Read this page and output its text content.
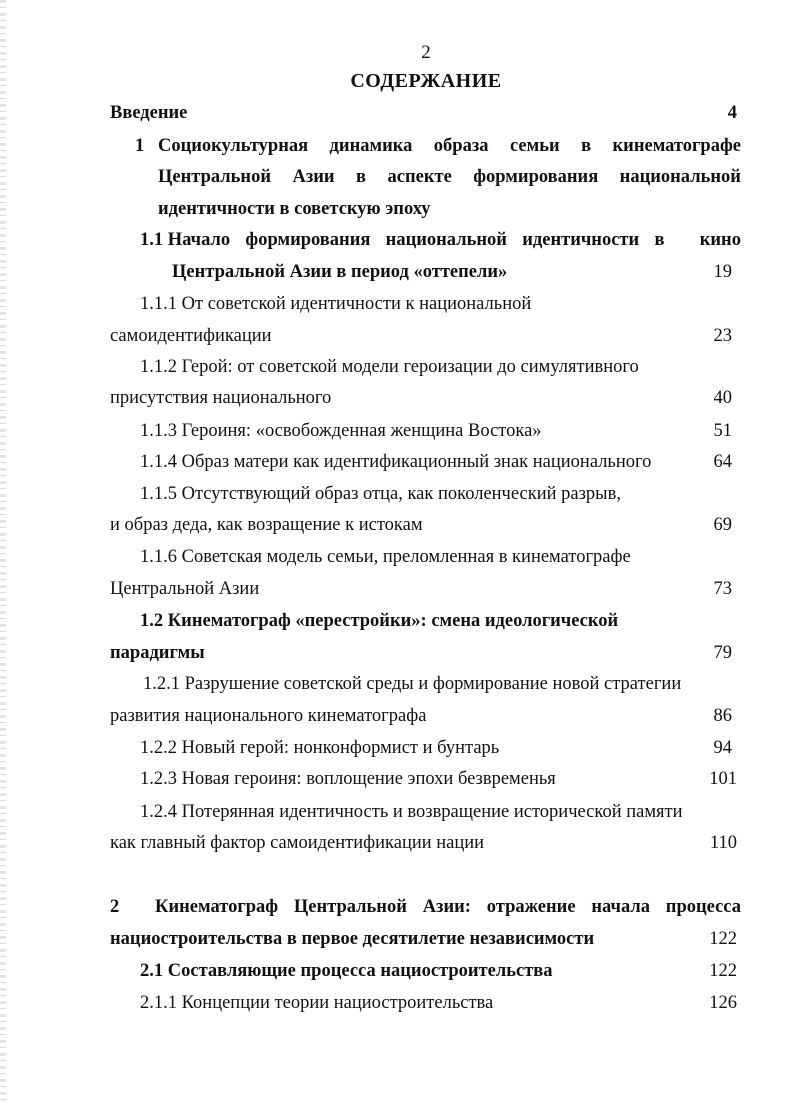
2
СОДЕРЖАНИЕ
Введение	4
1 Социокультурная динамика образа семьи в кинематографе
Центральной Азии в аспекте формирования национальной
идентичности в советскую эпоху
1.1 Начало формирования национальной идентичности в	кино
Центральной Азии в период «оттепели»	19
1.1.1 От советской идентичности к национальной
самоидентификации	23
1.1.2 Герой: от советской модели героизации до симулятивного
присутствия национального	40
1.1.3 Героиня: «освобожденная женщина Востока»	51
1.1.4 Образ матери как идентификационный знак национального	64
1.1.5 Отсутствующий образ отца, как поколенческий разрыв,
и образ деда, как возращение к истокам	69
1.1.6 Советская модель семьи, преломленная в кинематографе
Центральной Азии	73
1.2 Кинематограф «перестройки»: смена идеологической
парадигмы	79
1.2.1 Разрушение советской среды и формирование новой стратегии
развития национального кинематографа	86
1.2.2 Новый герой: нонконформист и бунтарь	94
1.2.3 Новая героиня: воплощение эпохи безвременья	101
1.2.4 Потерянная идентичность и возвращение исторической памяти
как главный фактор самоидентификации нации	110
2	Кинематограф Центральной Азии: отражение начала процесса
нациостроительства в первое десятилетие независимости	122
2.1 Составляющие процесса нациостроительства	122
2.1.1 Концепции теории нациостроительства	126
